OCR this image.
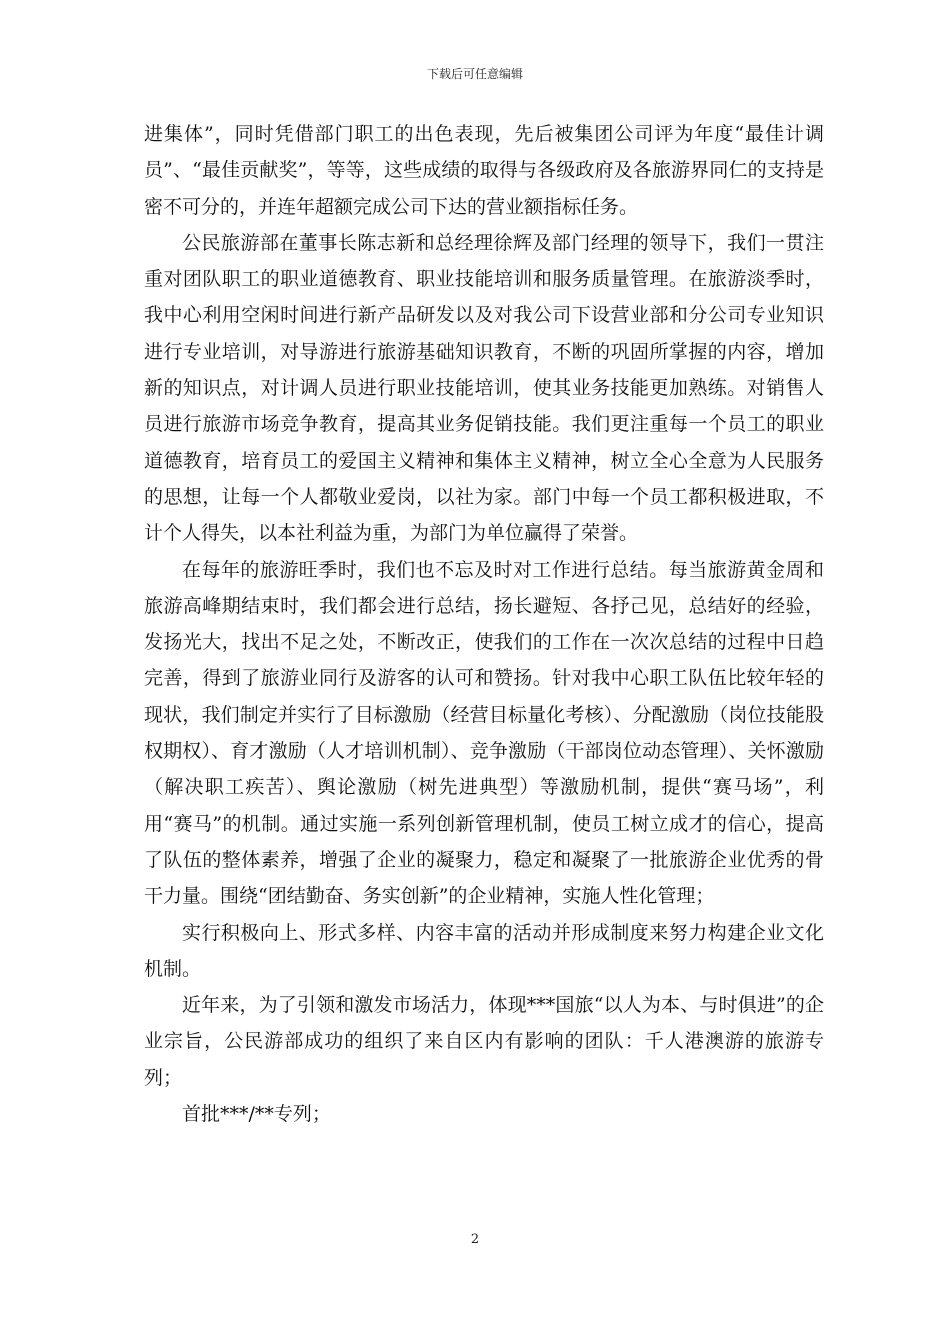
下载后可任意编辑

进集体”，同时凭借部门职工的出色表现，先后被集团公司评为年度“最佳计调员”、“最佳贡献奖”，等等，这些成绩的取得与各级政府及各旅游界同仁的支持是密不可分的，并连年超额完成公司下达的营业额指标任务。

公民旅游部在董事长陈志新和总经理徐辉及部门经理的领导下，我们一贯注重对团队职工的职业道德教育、职业技能培训和服务质量管理。在旅游淡季时，我中心利用空闲时间进行新产品研发以及对我公司下设营业部和分公司专业知识进行专业培训，对导游进行旅游基础知识教育，不断的巩固所掌握的内容，增加新的知识点，对计调人员进行职业技能培训，使其业务技能更加熟练。对销售人员进行旅游市场竞争教育，提高其业务促销技能。我们更注重每一个员工的职业道德教育，培育员工的爱国主义精神和集体主义精神，树立全心全意为人民服务的思想，让每一个人都敬业爱岗，以社为家。部门中每一个员工都积极进取，不计个人得失，以本社利益为重，为部门为单位赢得了荣誉。

在每年的旅游旺季时，我们也不忘及时对工作进行总结。每当旅游黄金周和旅游高峰期结束时，我们都会进行总结，扬长避短、各抒己见，总结好的经验，发扬光大，找出不足之处，不断改正，使我们的工作在一次次总结的过程中日趋完善，得到了旅游业同行及游客的认可和赞扬。针对我中心职工队伍比较年轻的现状，我们制定并实行了目标激励（经营目标量化考核）、分配激励（岗位技能股权期权）、育才激励（人才培训机制）、竞争激励（干部岗位动态管理）、关怀激励（解决职工疾苦）、舆论激励（树先进典型）等激励机制，提供“赛马场”，利用“赛马”的机制。通过实施一系列创新管理机制，使员工树立成才的信心，提高了队伍的整体素养，增强了企业的凝聚力，稳定和凝聚了一批旅游企业优秀的骨干力量。围绕“团结勤奋、务实创新”的企业精神，实施人性化管理；

实行积极向上、形式多样、内容丰富的活动并形成制度来努力构建企业文化机制。

近年来，为了引领和激发市场活力，体现***国旅“以人为本、与时俱进”的企业宗旨，公民游部成功的组织了来自区内有影响的团队：千人港澳游的旅游专列；

首批***/**专列；

2
